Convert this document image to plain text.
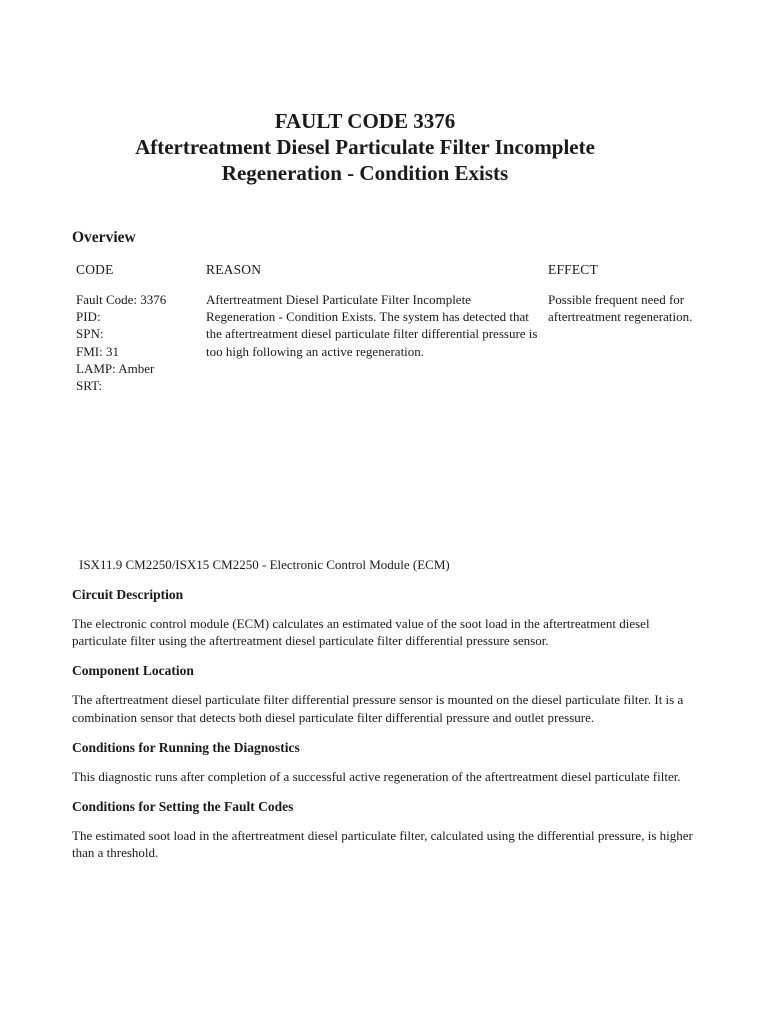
FAULT CODE 3376
Aftertreatment Diesel Particulate Filter Incomplete
Regeneration - Condition Exists
Overview
CODE	REASON	EFFECT
Fault Code: 3376
PID:
SPN:
FMI: 31
LAMP: Amber
SRT:
Aftertreatment Diesel Particulate Filter Incomplete Regeneration - Condition Exists. The system has detected that the aftertreatment diesel particulate filter differential pressure is too high following an active regeneration.
Possible frequent need for aftertreatment regeneration.
ISX11.9 CM2250/ISX15 CM2250 - Electronic Control Module (ECM)
Circuit Description
The electronic control module (ECM) calculates an estimated value of the soot load in the aftertreatment diesel particulate filter using the aftertreatment diesel particulate filter differential pressure sensor.
Component Location
The aftertreatment diesel particulate filter differential pressure sensor is mounted on the diesel particulate filter. It is a combination sensor that detects both diesel particulate filter differential pressure and outlet pressure.
Conditions for Running the Diagnostics
This diagnostic runs after completion of a successful active regeneration of the aftertreatment diesel particulate filter.
Conditions for Setting the Fault Codes
The estimated soot load in the aftertreatment diesel particulate filter, calculated using the differential pressure, is higher than a threshold.
